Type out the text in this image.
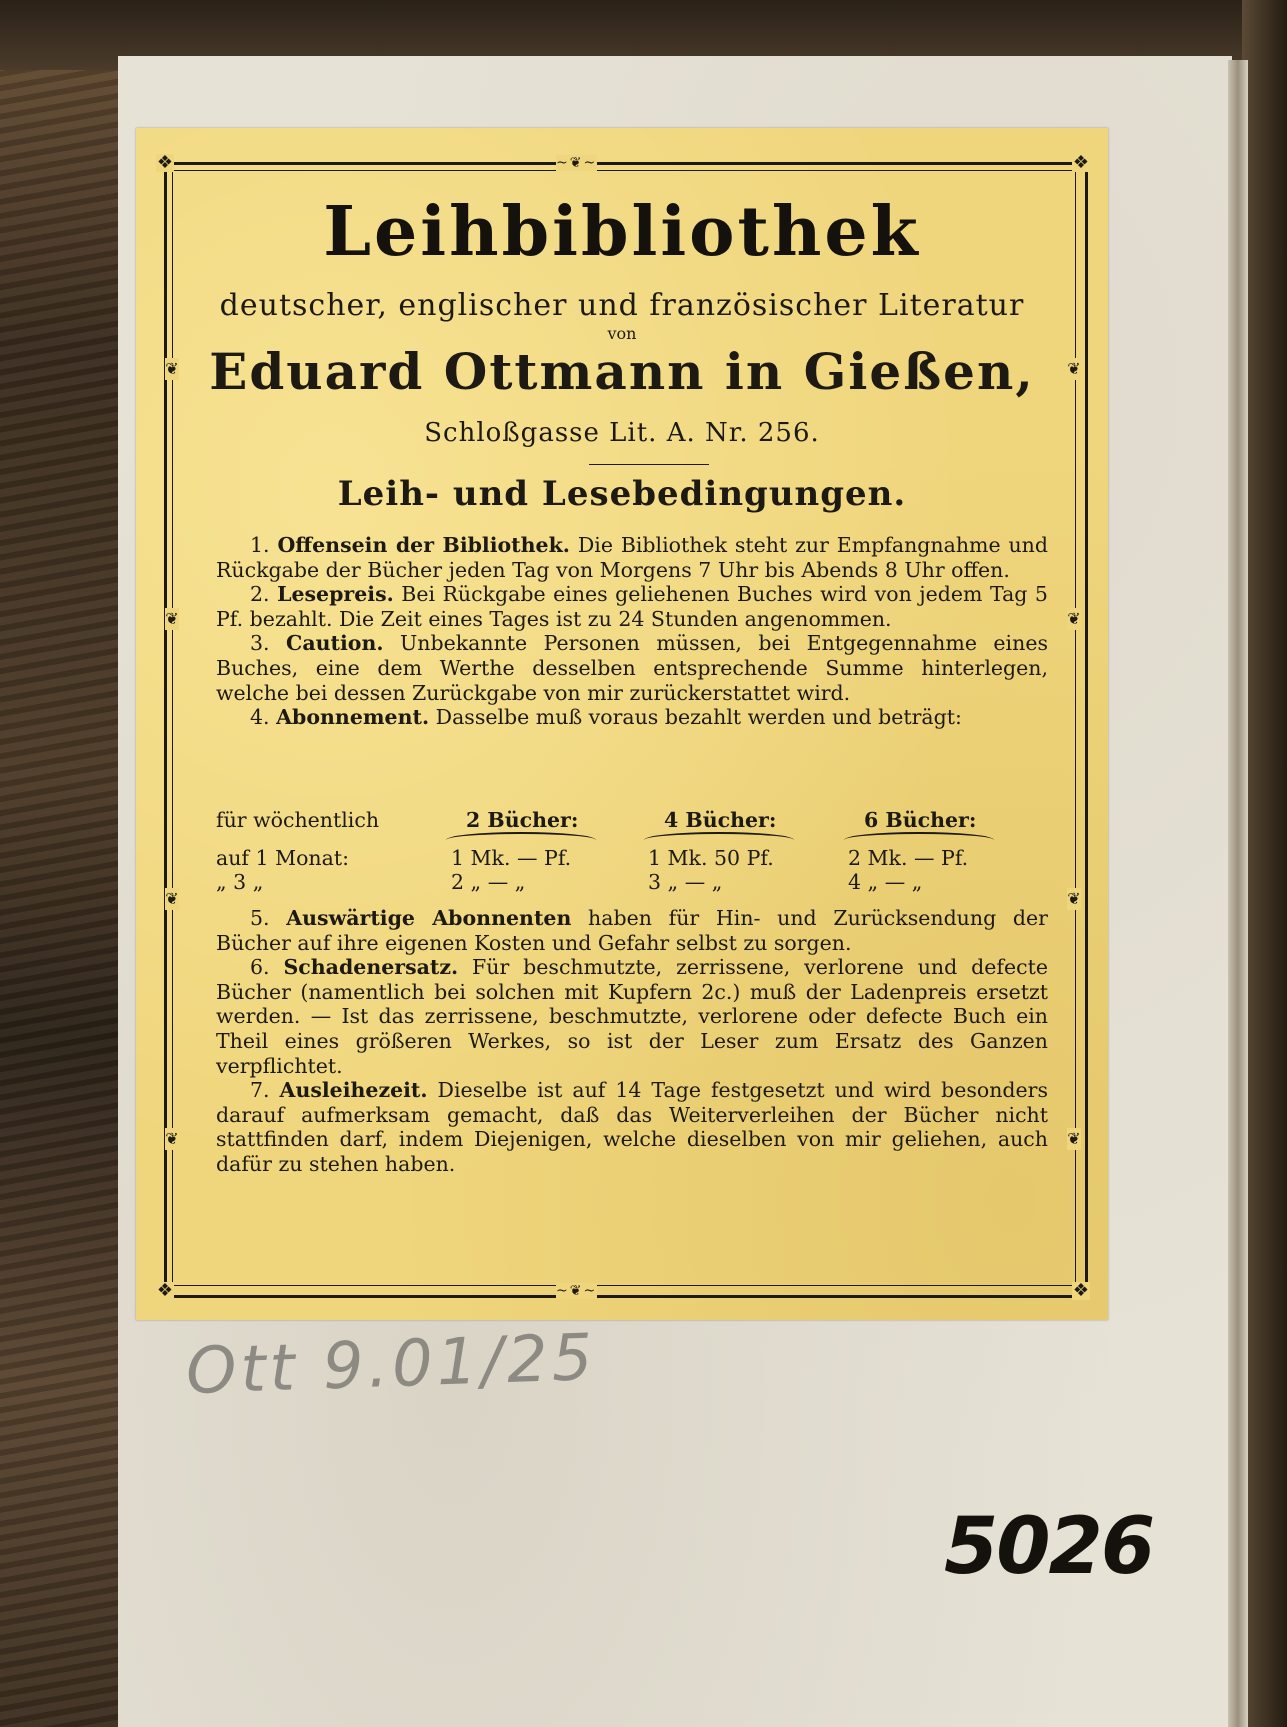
❖	❖
❖	❖
~❦~
~❦~
❦
❦
❦
❦
❦
❦
❦
❦
Leihbibliothek
deutscher, englischer und französischer Literatur
von
Eduard Ottmann in Gießen,
Schloßgasse Lit. A. Nr. 256.
Leih- und Lesebedingungen.

1. Offensein der Bibliothek. Die Bibliothek steht zur Empfangnahme und Rückgabe der Bücher jeden Tag von Morgens 7 Uhr bis Abends 8 Uhr offen.

2. Lesepreis. Bei Rückgabe eines geliehenen Buches wird von jedem Tag 5 Pf. bezahlt. Die Zeit eines Tages ist zu 24 Stunden angenommen.

3. Caution. Unbekannte Personen müssen, bei Entgegennahme eines Buches, eine dem Werthe desselben entsprechende Summe hinterlegen, welche bei dessen Zurückgabe von mir zurückerstattet wird.

4. Abonnement. Dasselbe muß voraus bezahlt werden und beträgt:

für wöchentlich	2 Bücher:	4 Bücher:	6 Bücher:
auf 1 Monat:	1 Mk. — Pf.	1 Mk. 50 Pf.	2 Mk. — Pf.
„ 3 „	2 „ — „	3 „ — „	4 „ — „

5. Auswärtige Abonnenten haben für Hin- und Zurücksendung der Bücher auf ihre eigenen Kosten und Gefahr selbst zu sorgen.

6. Schadenersatz. Für beschmutzte, zerrissene, verlorene und defecte Bücher (namentlich bei solchen mit Kupfern 2c.) muß der Ladenpreis ersetzt werden. — Ist das zerrissene, beschmutzte, verlorene oder defecte Buch ein Theil eines größeren Werkes, so ist der Leser zum Ersatz des Ganzen verpflichtet.

7. Ausleihezeit. Dieselbe ist auf 14 Tage festgesetzt und wird besonders darauf aufmerksam gemacht, daß das Weiterverleihen der Bücher nicht stattfinden darf, indem Diejenigen, welche dieselben von mir geliehen, auch dafür zu stehen haben.

Ott 9.01/25
5026
